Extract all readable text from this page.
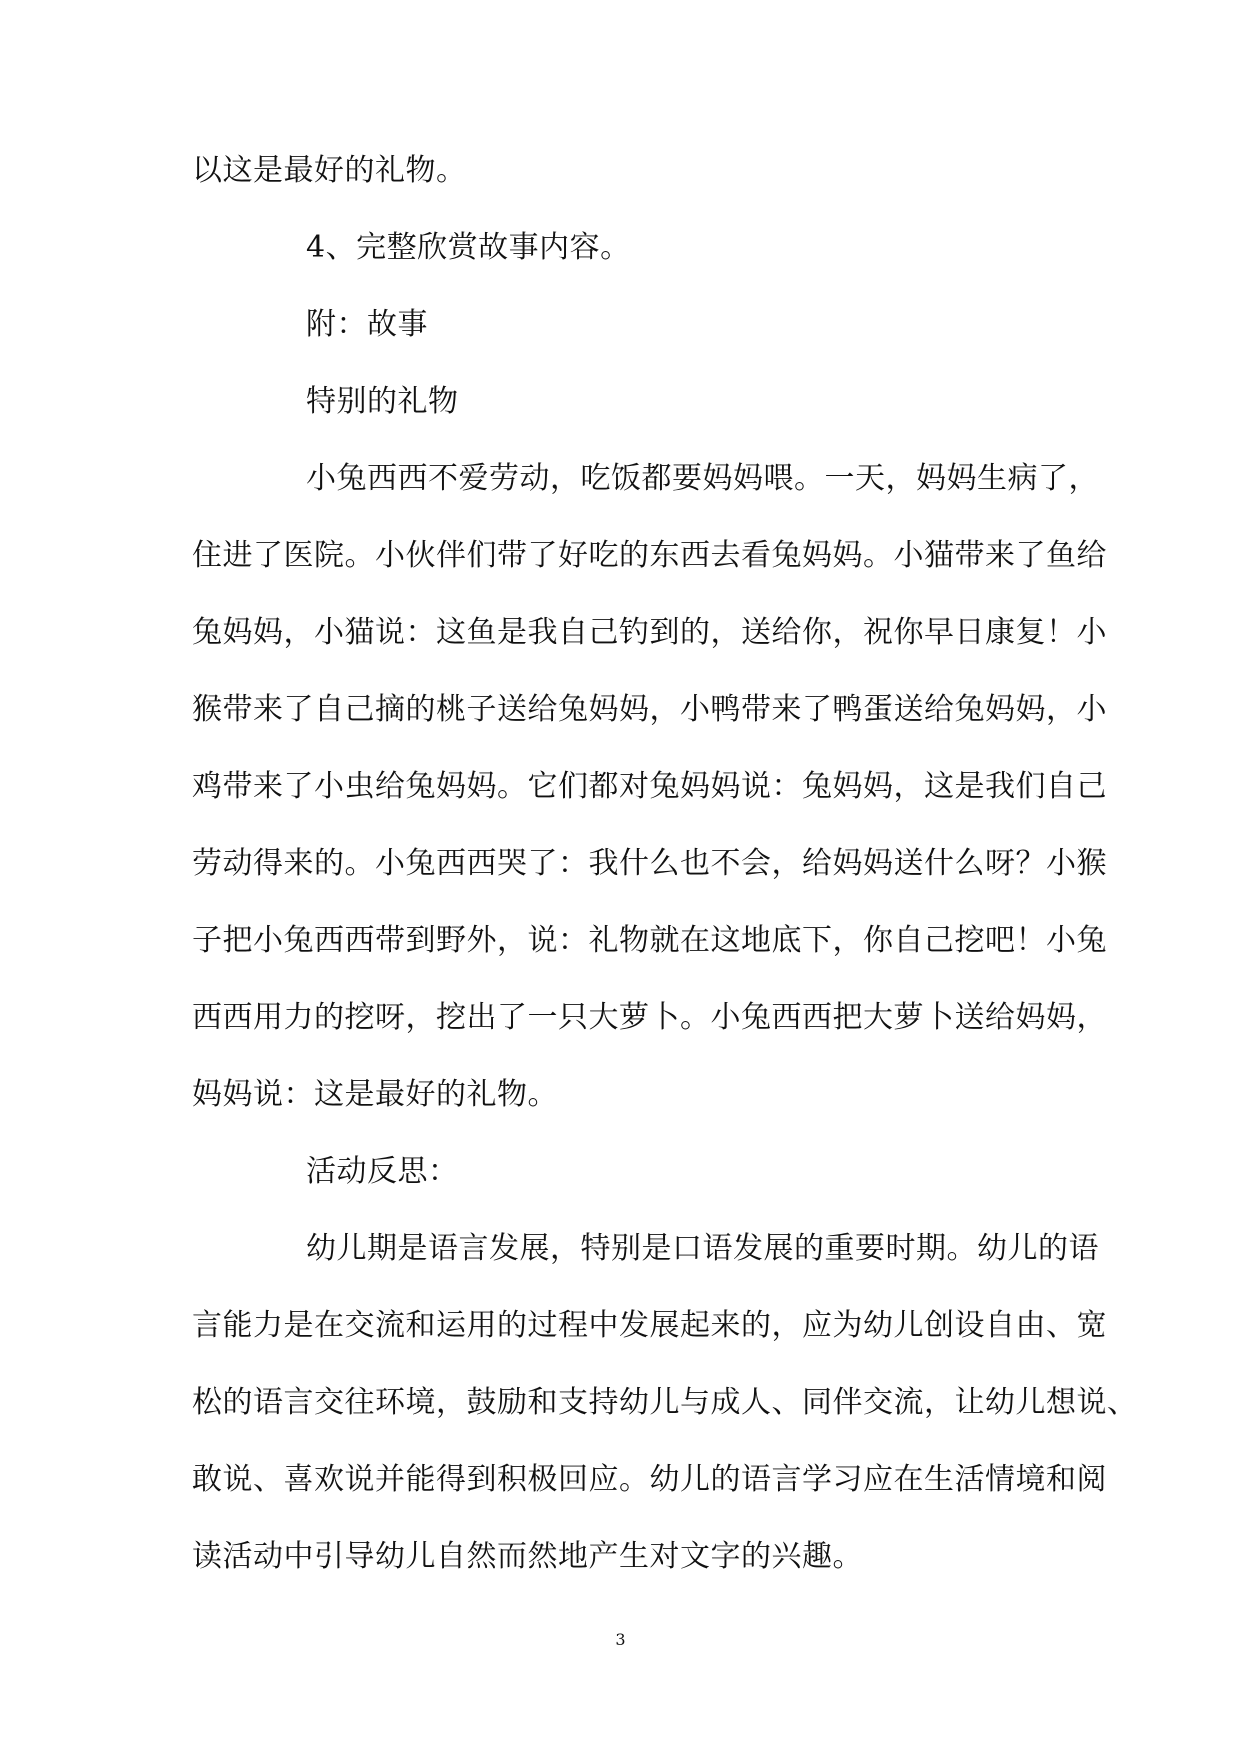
以这是最好的礼物。
4、完整欣赏故事内容。
附：故事
特别的礼物
小兔西西不爱劳动，吃饭都要妈妈喂。一天，妈妈生病了，
住进了医院。小伙伴们带了好吃的东西去看兔妈妈。小猫带来了鱼给
兔妈妈，小猫说：这鱼是我自己钓到的，送给你，祝你早日康复！小
猴带来了自己摘的桃子送给兔妈妈，小鸭带来了鸭蛋送给兔妈妈，小
鸡带来了小虫给兔妈妈。它们都对兔妈妈说：兔妈妈，这是我们自己
劳动得来的。小兔西西哭了：我什么也不会，给妈妈送什么呀？小猴
子把小兔西西带到野外，说：礼物就在这地底下，你自己挖吧！小兔
西西用力的挖呀，挖出了一只大萝卜。小兔西西把大萝卜送给妈妈，
妈妈说：这是最好的礼物。
活动反思：
幼儿期是语言发展，特别是口语发展的重要时期。幼儿的语
言能力是在交流和运用的过程中发展起来的，应为幼儿创设自由、宽
松的语言交往环境，鼓励和支持幼儿与成人、同伴交流，让幼儿想说、
敢说、喜欢说并能得到积极回应。幼儿的语言学习应在生活情境和阅
读活动中引导幼儿自然而然地产生对文字的兴趣。
3
